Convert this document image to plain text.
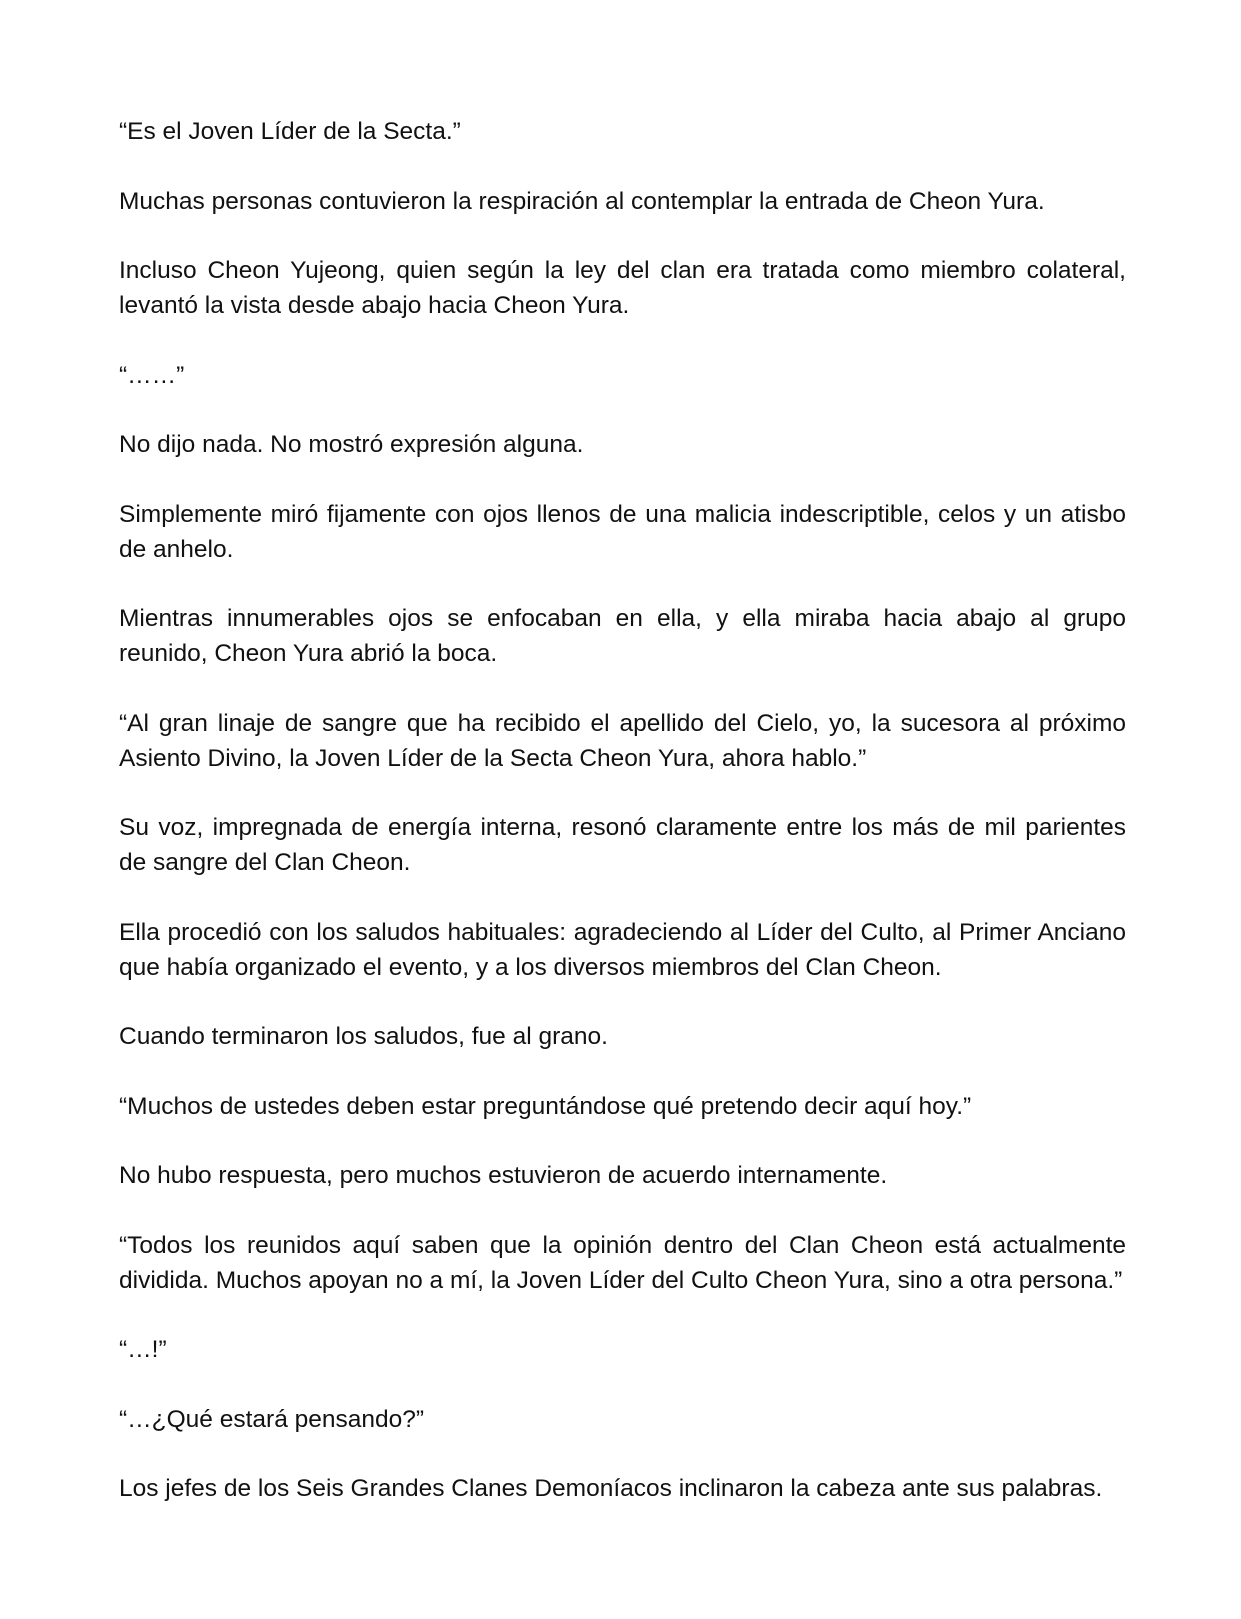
“Es el Joven Líder de la Secta.”

Muchas personas contuvieron la respiración al contemplar la entrada de Cheon Yura.

Incluso Cheon Yujeong, quien según la ley del clan era tratada como miembro colateral, levantó la vista desde abajo hacia Cheon Yura.

“……”

No dijo nada. No mostró expresión alguna.

Simplemente miró fijamente con ojos llenos de una malicia indescriptible, celos y un atisbo de anhelo.

Mientras innumerables ojos se enfocaban en ella, y ella miraba hacia abajo al grupo reunido, Cheon Yura abrió la boca.

“Al gran linaje de sangre que ha recibido el apellido del Cielo, yo, la sucesora al próximo Asiento Divino, la Joven Líder de la Secta Cheon Yura, ahora hablo.”

Su voz, impregnada de energía interna, resonó claramente entre los más de mil parientes de sangre del Clan Cheon.

Ella procedió con los saludos habituales: agradeciendo al Líder del Culto, al Primer Anciano que había organizado el evento, y a los diversos miembros del Clan Cheon.

Cuando terminaron los saludos, fue al grano.

“Muchos de ustedes deben estar preguntándose qué pretendo decir aquí hoy.”

No hubo respuesta, pero muchos estuvieron de acuerdo internamente.

“Todos los reunidos aquí saben que la opinión dentro del Clan Cheon está actualmente dividida. Muchos apoyan no a mí, la Joven Líder del Culto Cheon Yura, sino a otra persona.”

“…!”

“…¿Qué estará pensando?”

Los jefes de los Seis Grandes Clanes Demoníacos inclinaron la cabeza ante sus palabras.
